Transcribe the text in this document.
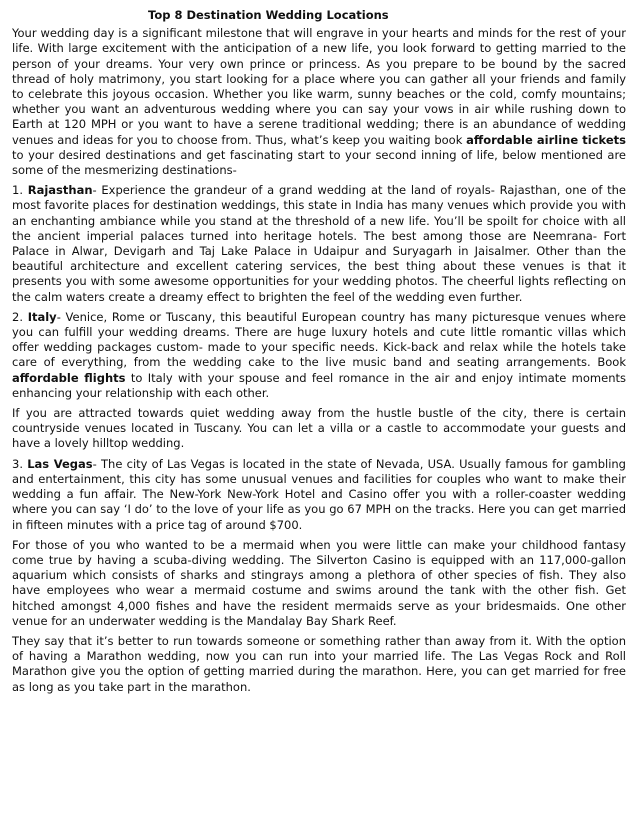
Top 8 Destination Wedding Locations

Your wedding day is a significant milestone that will engrave in your hearts and minds for the rest of your life. With large excitement with the anticipation of a new life, you look forward to getting married to the person of your dreams. Your very own prince or princess. As you prepare to be bound by the sacred thread of holy matrimony, you start looking for a place where you can gather all your friends and family to celebrate this joyous occasion. Whether you like warm, sunny beaches or the cold, comfy mountains; whether you want an adventurous wedding where you can say your vows in air while rushing down to Earth at 120 MPH or you want to have a serene traditional wedding; there is an abundance of wedding venues and ideas for you to choose from. Thus, what’s keep you waiting book affordable airline tickets to your desired destinations and get fascinating start to your second inning of life, below mentioned are some of the mesmerizing destinations-

1. Rajasthan- Experience the grandeur of a grand wedding at the land of royals- Rajasthan, one of the most favorite places for destination weddings, this state in India has many venues which provide you with an enchanting ambiance while you stand at the threshold of a new life. You’ll be spoilt for choice with all the ancient imperial palaces turned into heritage hotels. The best among those are Neemrana- Fort Palace in Alwar, Devigarh and Taj Lake Palace in Udaipur and Suryagarh in Jaisalmer. Other than the beautiful architecture and excellent catering services, the best thing about these venues is that it presents you with some awesome opportunities for your wedding photos. The cheerful lights reflecting on the calm waters create a dreamy effect to brighten the feel of the wedding even further.

2. Italy- Venice, Rome or Tuscany, this beautiful European country has many picturesque venues where you can fulfill your wedding dreams. There are huge luxury hotels and cute little romantic villas which offer wedding packages custom- made to your specific needs. Kick-back and relax while the hotels take care of everything, from the wedding cake to the live music band and seating arrangements. Book affordable flights to Italy with your spouse and feel romance in the air and enjoy intimate moments enhancing your relationship with each other.

If you are attracted towards quiet wedding away from the hustle bustle of the city, there is certain countryside venues located in Tuscany. You can let a villa or a castle to accommodate your guests and have a lovely hilltop wedding.

3. Las Vegas- The city of Las Vegas is located in the state of Nevada, USA. Usually famous for gambling and entertainment, this city has some unusual venues and facilities for couples who want to make their wedding a fun affair. The New-York New-York Hotel and Casino offer you with a roller-coaster wedding where you can say ‘I do’ to the love of your life as you go 67 MPH on the tracks. Here you can get married in fifteen minutes with a price tag of around $700.

For those of you who wanted to be a mermaid when you were little can make your childhood fantasy come true by having a scuba-diving wedding. The Silverton Casino is equipped with an 117,000-gallon aquarium which consists of sharks and stingrays among a plethora of other species of fish. They also have employees who wear a mermaid costume and swims around the tank with the other fish. Get hitched amongst 4,000 fishes and have the resident mermaids serve as your bridesmaids. One other venue for an underwater wedding is the Mandalay Bay Shark Reef.

They say that it’s better to run towards someone or something rather than away from it. With the option of having a Marathon wedding, now you can run into your married life. The Las Vegas Rock and Roll Marathon give you the option of getting married during the marathon. Here, you can get married for free as long as you take part in the marathon.
